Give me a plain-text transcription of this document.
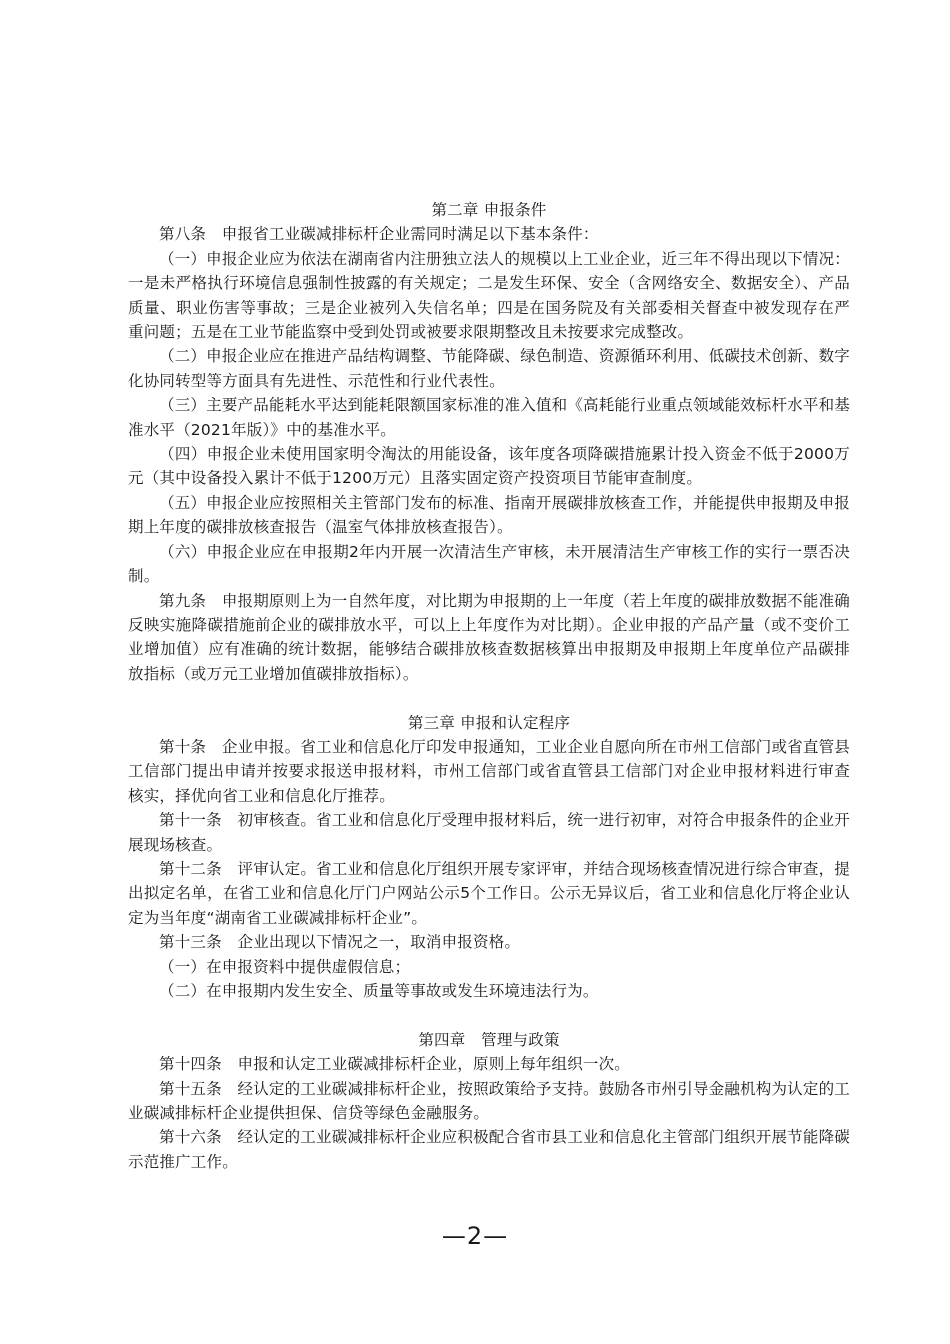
第二章 申报条件

第八条　申报省工业碳减排标杆企业需同时满足以下基本条件：

（一）申报企业应为依法在湖南省内注册独立法人的规模以上工业企业，近三年不得出现以下情况：一是未严格执行环境信息强制性披露的有关规定；二是发生环保、安全（含网络安全、数据安全）、产品质量、职业伤害等事故；三是企业被列入失信名单；四是在国务院及有关部委相关督查中被发现存在严重问题；五是在工业节能监察中受到处罚或被要求限期整改且未按要求完成整改。

（二）申报企业应在推进产品结构调整、节能降碳、绿色制造、资源循环利用、低碳技术创新、数字化协同转型等方面具有先进性、示范性和行业代表性。

（三）主要产品能耗水平达到能耗限额国家标准的准入值和《高耗能行业重点领域能效标杆水平和基准水平（2021年版）》中的基准水平。

（四）申报企业未使用国家明令淘汰的用能设备，该年度各项降碳措施累计投入资金不低于2000万元（其中设备投入累计不低于1200万元）且落实固定资产投资项目节能审查制度。

（五）申报企业应按照相关主管部门发布的标准、指南开展碳排放核查工作，并能提供申报期及申报期上年度的碳排放核查报告（温室气体排放核查报告）。

（六）申报企业应在申报期2年内开展一次清洁生产审核，未开展清洁生产审核工作的实行一票否决制。

第九条　申报期原则上为一自然年度，对比期为申报期的上一年度（若上年度的碳排放数据不能准确反映实施降碳措施前企业的碳排放水平，可以上上年度作为对比期）。企业申报的产品产量（或不变价工业增加值）应有准确的统计数据，能够结合碳排放核查数据核算出申报期及申报期上年度单位产品碳排放指标（或万元工业增加值碳排放指标）。

第三章 申报和认定程序

第十条　企业申报。省工业和信息化厅印发申报通知，工业企业自愿向所在市州工信部门或省直管县工信部门提出申请并按要求报送申报材料，市州工信部门或省直管县工信部门对企业申报材料进行审查核实，择优向省工业和信息化厅推荐。

第十一条　初审核查。省工业和信息化厅受理申报材料后，统一进行初审，对符合申报条件的企业开展现场核查。

第十二条　评审认定。省工业和信息化厅组织开展专家评审，并结合现场核查情况进行综合审查，提出拟定名单，在省工业和信息化厅门户网站公示5个工作日。公示无异议后，省工业和信息化厅将企业认定为当年度“湖南省工业碳减排标杆企业”。

第十三条　企业出现以下情况之一，取消申报资格。

（一）在申报资料中提供虚假信息；

（二）在申报期内发生安全、质量等事故或发生环境违法行为。

第四章　管理与政策

第十四条　申报和认定工业碳减排标杆企业，原则上每年组织一次。

第十五条　经认定的工业碳减排标杆企业，按照政策给予支持。鼓励各市州引导金融机构为认定的工业碳减排标杆企业提供担保、信贷等绿色金融服务。

第十六条　经认定的工业碳减排标杆企业应积极配合省市县工业和信息化主管部门组织开展节能降碳示范推广工作。

—2—
